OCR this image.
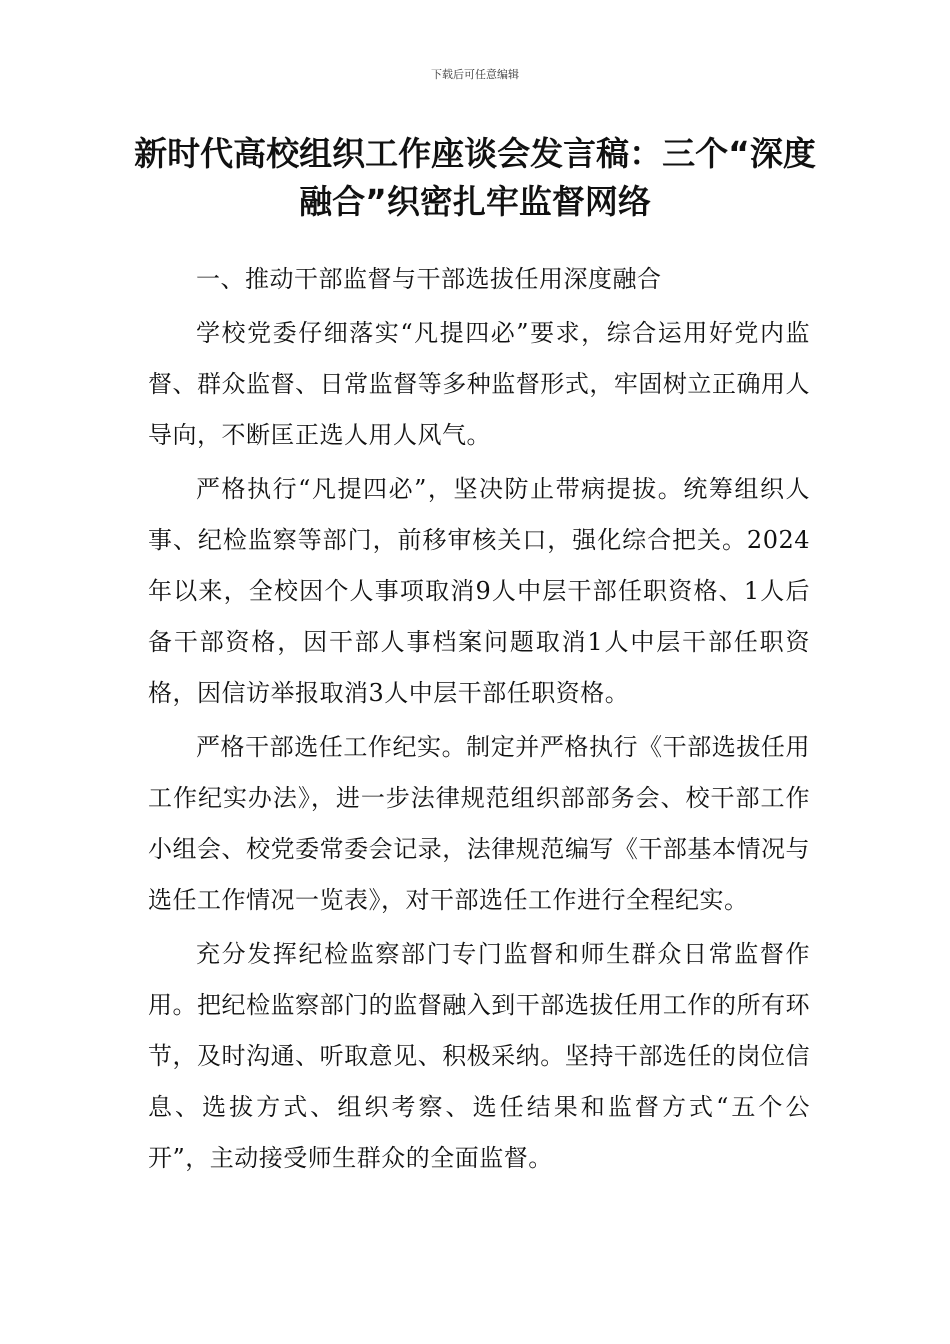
下载后可任意编辑
新时代高校组织工作座谈会发言稿：三个“深度融合”织密扎牢监督网络

一、推动干部监督与干部选拔任用深度融合

学校党委仔细落实“凡提四必”要求，综合运用好党内监督、群众监督、日常监督等多种监督形式，牢固树立正确用人导向，不断匡正选人用人风气。

严格执行“凡提四必”，坚决防止带病提拔。统筹组织人事、纪检监察等部门，前移审核关口，强化综合把关。2024年以来，全校因个人事项取消9人中层干部任职资格、1人后备干部资格，因干部人事档案问题取消1人中层干部任职资格，因信访举报取消3人中层干部任职资格。

严格干部选任工作纪实。制定并严格执行《干部选拔任用工作纪实办法》，进一步法律规范组织部部务会、校干部工作小组会、校党委常委会记录，法律规范编写《干部基本情况与选任工作情况一览表》，对干部选任工作进行全程纪实。

充分发挥纪检监察部门专门监督和师生群众日常监督作用。把纪检监察部门的监督融入到干部选拔任用工作的所有环节，及时沟通、听取意见、积极采纳。坚持干部选任的岗位信息、选拔方式、组织考察、选任结果和监督方式“五个公开”，主动接受师生群众的全面监督。
